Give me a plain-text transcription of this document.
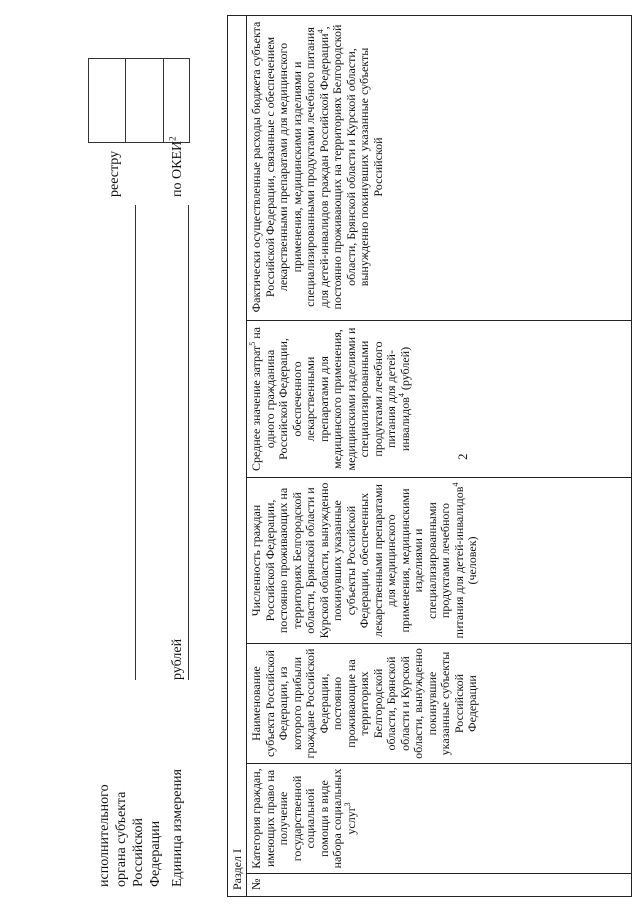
2
исполнительного органа субъекта Российской Федерации Единица измерения
рублей
реестру	по ОКЕИ$^2$
Раздел I №
Категория граждан, имеющих право на получение государственной социальной помощи в виде набора социальных услуг$^3$
Наименование субъекта Российской Федерации, из которого прибыли граждане Российской Федерации, постоянно проживающие на территориях Белгородской области, Брянской области и Курской области, вынужденно покинувшие указанные субъекты Российской Федерации
Численность граждан Российской Федерации, постоянно проживающих на территориях Белгородской области, Брянской области и Курской области, вынужденно покинувших указанные субъекты Российской Федерации, обеспеченных лекарственными препаратами для медицинского применения, медицинскими изделиями и специализированными продуктами лечебного питания для детей-инвалидов$^4$ (человек)
Среднее значение затрат$^5$ на одного гражданина Российской Федерации, обеспеченного лекарственными препаратами для медицинского применения, медицинскими изделиями и специализированными продуктами лечебного питания для детей-инвалидов$^4$ (рублей)
Фактически осуществленные расходы бюджета субъекта Российской Федерации, связанные с обеспечением лекарственными препаратами для медицинского применения, медицинскими изделиями и специализированными продуктами лечебного питания для детей-инвалидов граждан Российской Федерации$^4$, постоянно проживающих на территориях Белгородской области, Брянской области и Курской области, вынужденно покинувших указанные субъекты Российской
